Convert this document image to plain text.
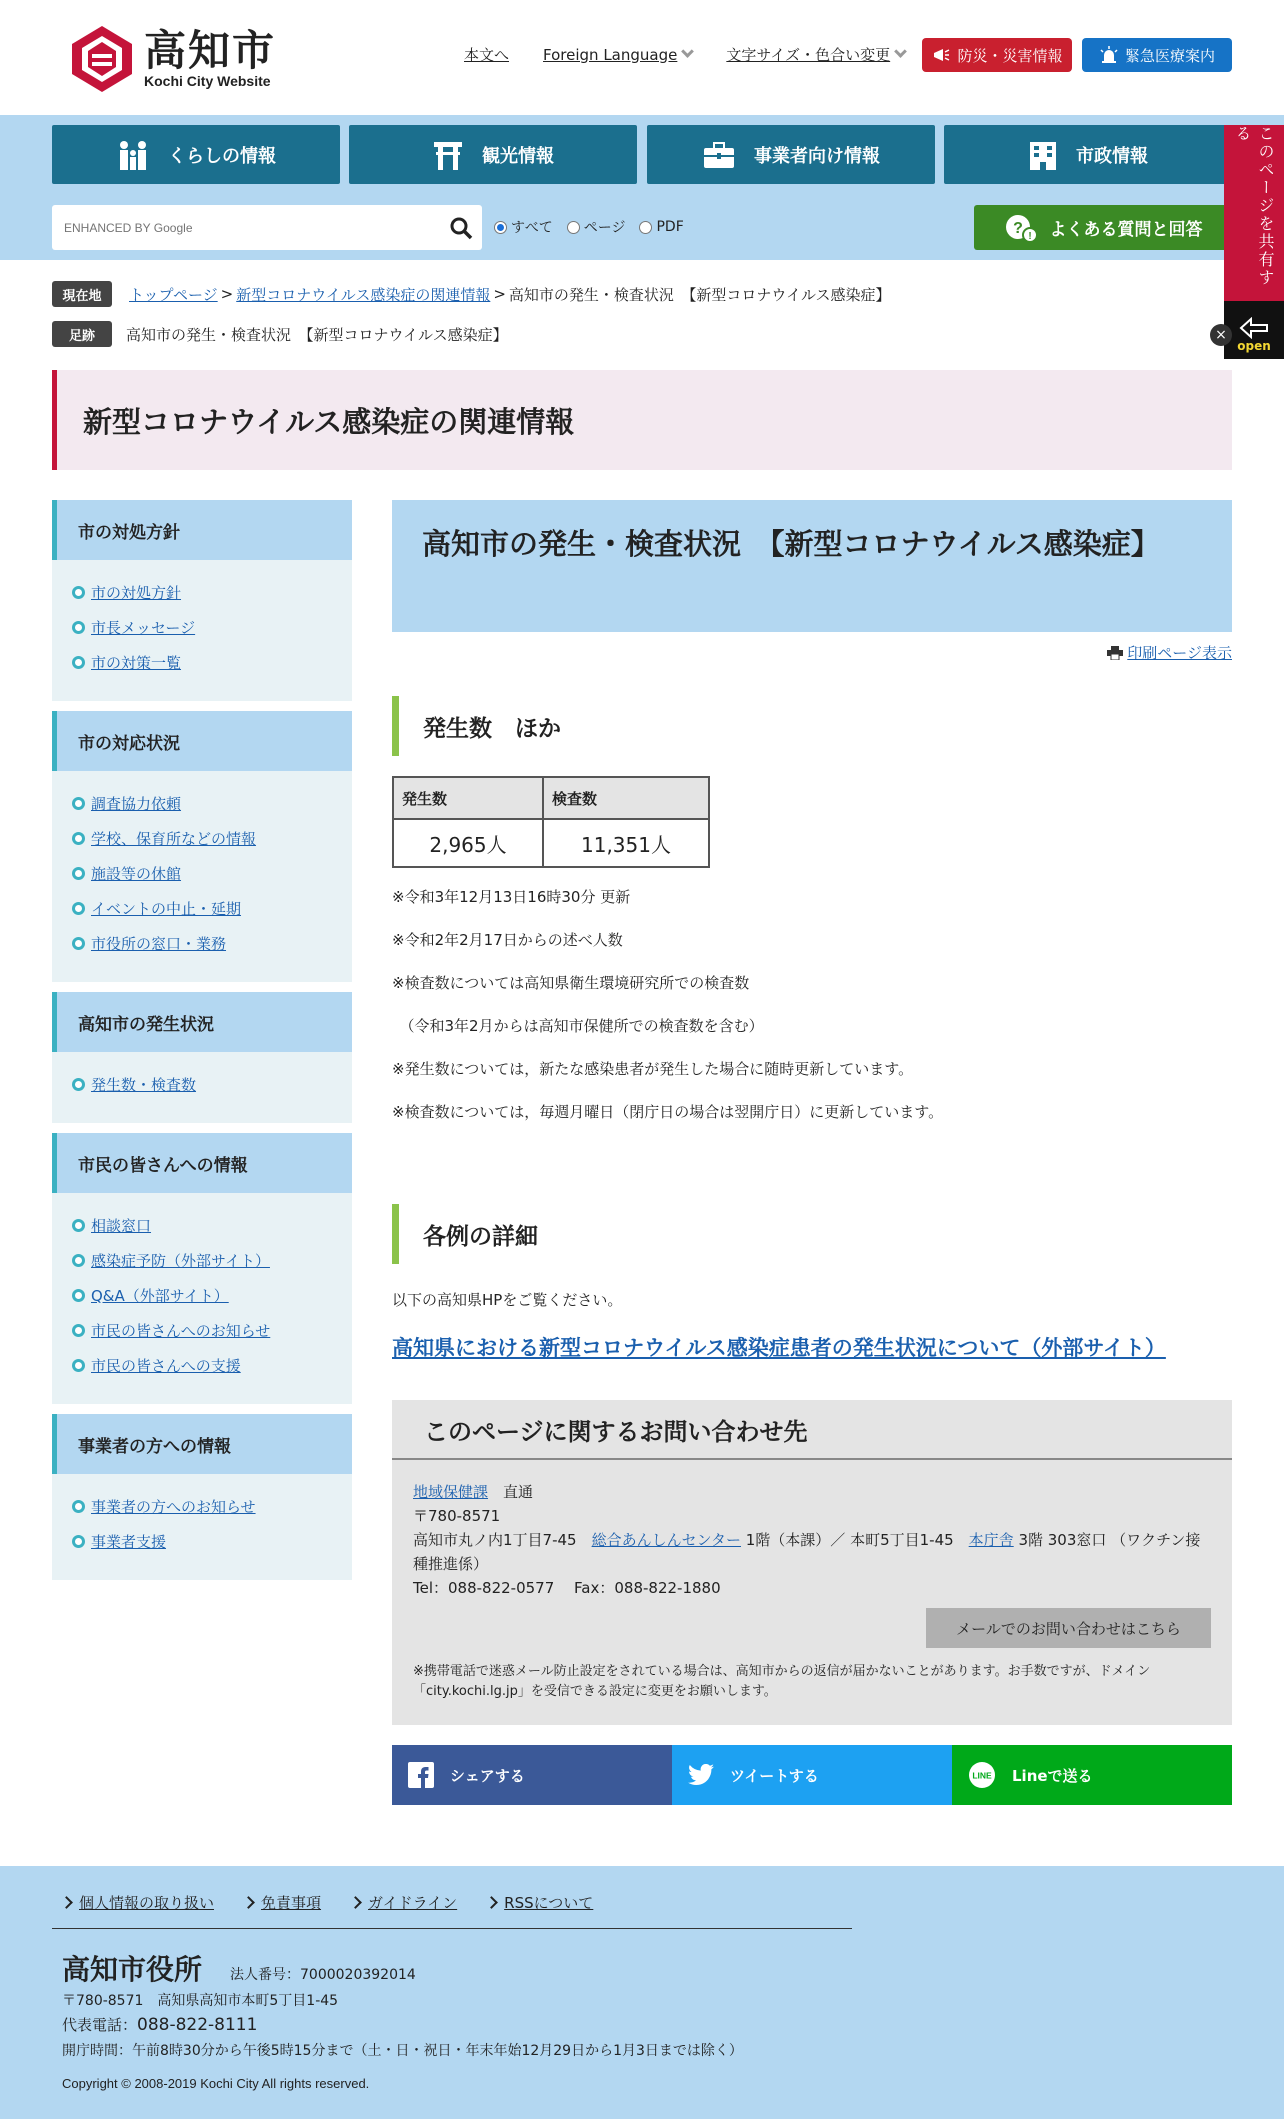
高知市
Kochi City Website
本文へ Foreign Language	文字サイズ・色合い変更	防災・災害情報	緊急医療案内
くらしの情報	観光情報	事業者向け情報	市政情報
ENHANCED BY Google
すべて ページ PDF	? ! よくある質問と回答	このページを共有する
open
×
現在地	トップページ > 新型コロナウイルス感染症の関連情報 > 高知市の発生・検査状況　【新型コロナウイルス感染症】
足跡	高知市の発生・検査状況　【新型コロナウイルス感染症】
新型コロナウイルス感染症の関連情報
市の対処方針
市の対処方針
市長メッセージ
市の対策一覧
市の対応状況
調査協力依頼
学校、保育所などの情報
施設等の休館
イベントの中止・延期
市役所の窓口・業務
高知市の発生状況
発生数・検査数
市民の皆さんへの情報
相談窓口
感染症予防（外部サイト）
Q&A（外部サイト）
市民の皆さんへのお知らせ
市民の皆さんへの支援
事業者の方への情報
事業者の方へのお知らせ
事業者支援
高知市の発生・検査状況　【新型コロナウイルス感染症】
印刷ページ表示
発生数　ほか
発生数	検査数
2,965人	11,351人
※令和3年12月13日16時30分 更新
※令和2年2月17日からの述べ人数
※検査数については高知県衛生環境研究所での検査数
　（令和3年2月からは高知市保健所での検査数を含む）
※発生数については，新たな感染患者が発生した場合に随時更新しています。
※検査数については，毎週月曜日（閉庁日の場合は翌開庁日）に更新しています。
各例の詳細
以下の高知県HPをご覧ください。
高知県における新型コロナウイルス感染症患者の発生状況について（外部サイト）
このページに関するお問い合わせ先
地域保健課　直通
〒780-8571
高知市丸ノ内1丁目7-45　総合あんしんセンター 1階（本課）／ 本町5丁目1-45　本庁舎 3階 303窓口 （ワクチン接種推進係）
Tel：088-822-0577　 Fax：088-822-1880
メールでのお問い合わせはこちら
※携帯電話で迷惑メール防止設定をされている場合は、高知市からの返信が届かないことがあります。お手数ですが、ドメイン「city.kochi.lg.jp」を受信できる設定に変更をお願いします。
シェアする	ツイートする	LINE Lineで送る
個人情報の取り扱い	免責事項	ガイドライン	RSSについて
高知市役所 法人番号：7000020392014
〒780-8571　高知県高知市本町5丁目1-45
代表電話：088-822-8111
開庁時間：午前8時30分から午後5時15分まで（土・日・祝日・年末年始12月29日から1月3日までは除く）
Copyright © 2008-2019 Kochi City All rights reserved.
